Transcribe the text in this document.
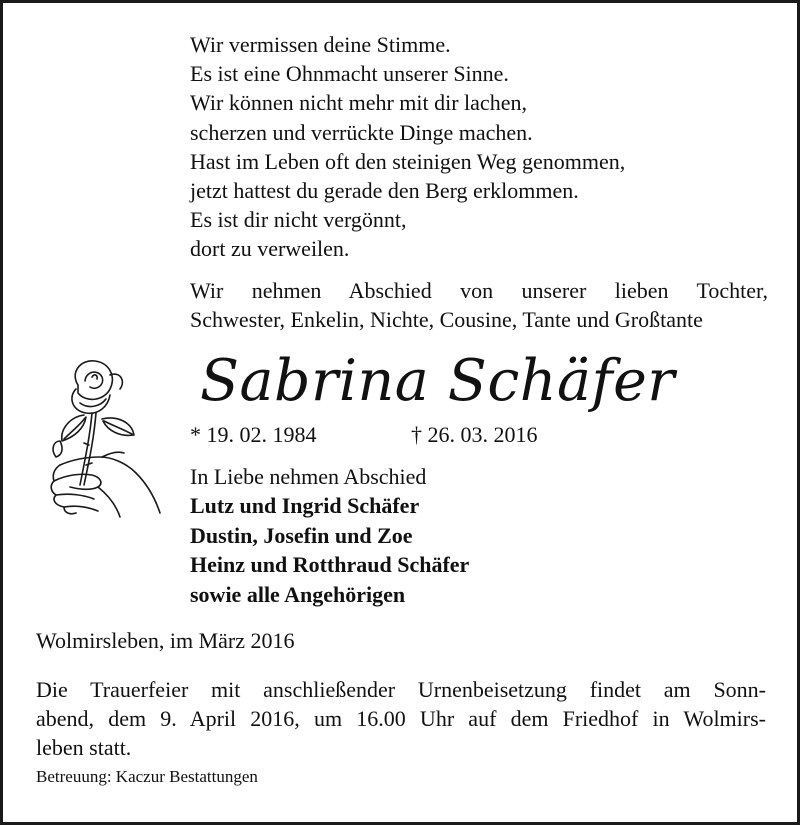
Wir vermissen deine Stimme.
Es ist eine Ohnmacht unserer Sinne.
Wir können nicht mehr mit dir lachen,
scherzen und verrückte Dinge machen.
Hast im Leben oft den steinigen Weg genommen,
jetzt hattest du gerade den Berg erklommen.
Es ist dir nicht vergönnt,
dort zu verweilen.
Wir nehmen Abschied von unserer lieben Tochter,
Schwester, Enkelin, Nichte, Cousine, Tante und Großtante
Sabrina Schäfer
* 19. 02. 1984	† 26. 03. 2016
In Liebe nehmen Abschied
Lutz und Ingrid Schäfer
Dustin, Josefin und Zoe
Heinz und Rotthraud Schäfer
sowie alle Angehörigen
Wolmirsleben, im März 2016
Die Trauerfeier mit anschließender Urnenbeisetzung findet am Sonn-
abend, dem 9. April 2016, um 16.00 Uhr auf dem Friedhof in Wolmirs-
leben statt.
Betreuung: Kaczur Bestattungen
